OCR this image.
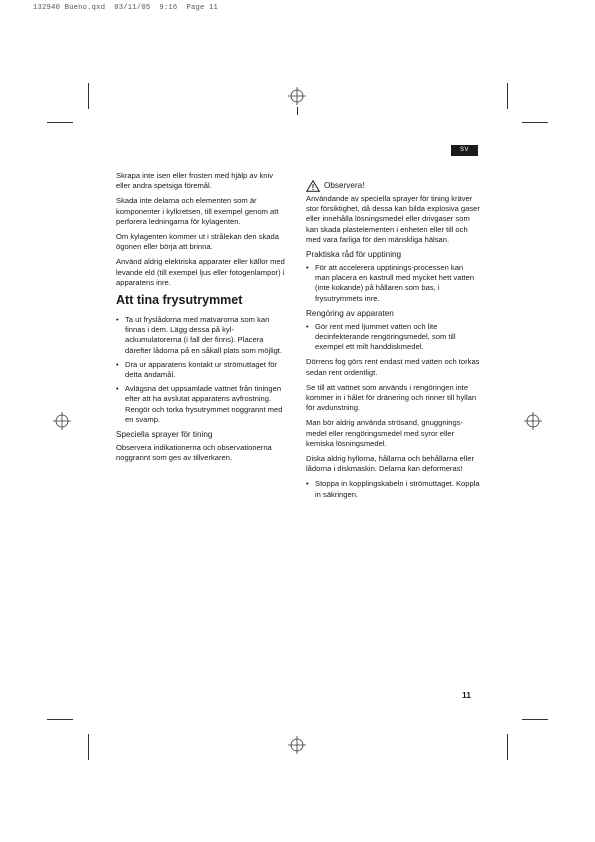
132940 Bueno.qxd  03/11/05  9:16  Page 11
SV

Skrapa inte isen eller frosten med hjälp av kniv eller andra spetsiga föremål.

Skada inte delarna och elementen som är komponenter i kylkretsen, till exempel genom att perforera ledningarna för kylagenten.

Om kylagenten kommer ut i strålekan den skada ögonen eller börja att brinna.

Använd aldrig elektriska apparater eller källor med levande eld (till exempel ljus eller fotogenlampor) i apparatens inre.

Att tina frysutrymmet
• Ta ut fryslådorna med matvarorna som kan finnas i dem. Lägg dessa på kyl-ackumulatorerna (i fall der finns). Placera därefter lådorna på en såkall plats som möjligt.
• Dra ur apparatens kontakt ur strömuttaget för detta ändamål.
• Avlägsna det uppsamlade vattnet från tiningen efter att ha avslutat apparatens avfrostning. Rengör och torka frysutrymmet noggrannt med en svamp.
Speciella sprayer för tining

Observera indikationerna och observationerna noggrannt som ges av tillverkaren.

Observera!

Användande av speciella sprayer för tining kräver stor försiktighet, då dessa kan bilda explosiva gaser eller innehålla lösningsmedel eller drivgaser som kan skada plastelementen i enheten eller till och med vara farliga för den mänskliga hälsan.

Praktiska råd för upptining
• För att accelerera upptinings-processen kan man placera en kastrull med mycket hett vatten (inte kokande) på hållaren som bas, i frysutrymmets inre.
Rengöring av apparaten
• Gör rent med ljummet vatten och lite decinfekterande rengöringsmedel, som till exempel ett milt handdiskmedel.

Dörrens fog görs rent endast med vatten och torkas sedan rent ordentligt.

Se till att vattnet som används i rengöringen inte kommer in i hålet för dränering och rinner till hyllan för avdunstning.

Man bör aldrig använda strösand, gnuggnings-medel eller rengöringsmedel med syror eller kemiska lösningsmedel.

Diska aldrig hyllorna, hållarna och behållarna eller lådorna i diskmaskin. Delarna kan deformeras!

• Stoppa in kopplingskabeln i strömuttaget. Koppla in säkringen.
11
